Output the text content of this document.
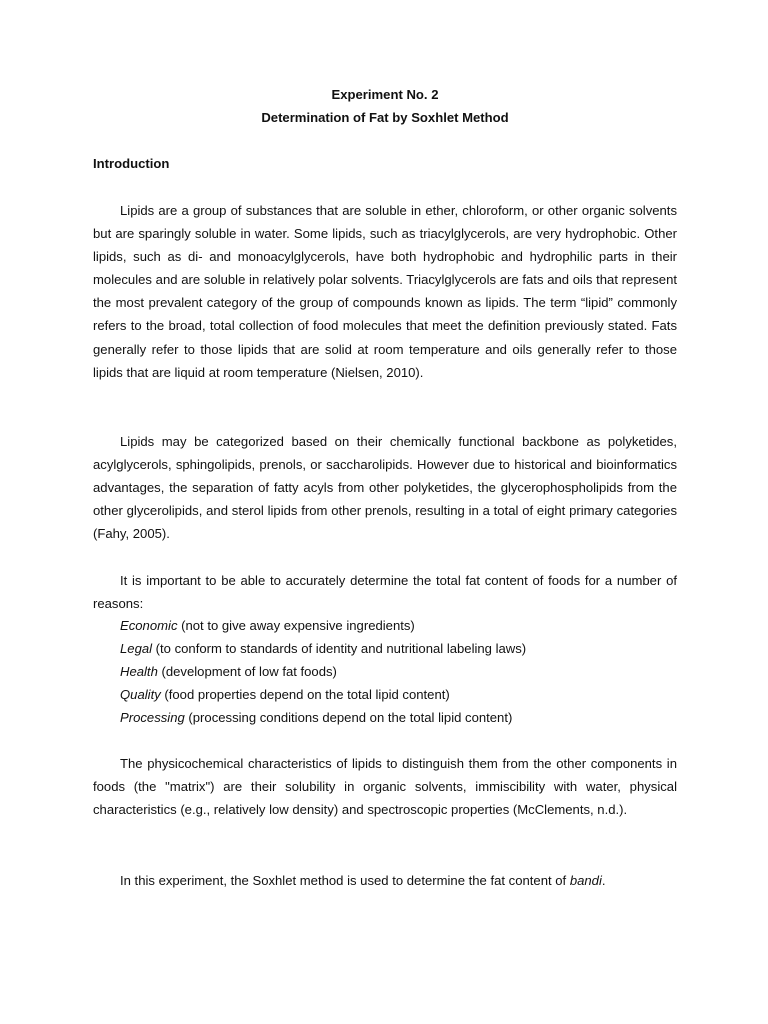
Experiment No. 2
Determination of Fat by Soxhlet Method
Introduction

Lipids are a group of substances that are soluble in ether, chloroform, or other organic solvents but are sparingly soluble in water. Some lipids, such as triacylglycerols, are very hydrophobic. Other lipids, such as di- and monoacylglycerols, have both hydrophobic and hydrophilic parts in their molecules and are soluble in relatively polar solvents. Triacylglycerols are fats and oils that represent the most prevalent category of the group of compounds known as lipids. The term “lipid” commonly refers to the broad, total collection of food molecules that meet the definition previously stated. Fats generally refer to those lipids that are solid at room temperature and oils generally refer to those lipids that are liquid at room temperature (Nielsen, 2010).

Lipids may be categorized based on their chemically functional backbone as polyketides, acylglycerols, sphingolipids, prenols, or saccharolipids. However due to historical and bioinformatics advantages, the separation of fatty acyls from other polyketides, the glycerophospholipids from the other glycerolipids, and sterol lipids from other prenols, resulting in a total of eight primary categories (Fahy, 2005).

It is important to be able to accurately determine the total fat content of foods for a number of reasons:

Economic (not to give away expensive ingredients)
Legal (to conform to standards of identity and nutritional labeling laws)
Health (development of low fat foods)
Quality (food properties depend on the total lipid content)
Processing (processing conditions depend on the total lipid content)

The physicochemical characteristics of lipids to distinguish them from the other components in foods (the "matrix") are their solubility in organic solvents, immiscibility with water, physical characteristics (e.g., relatively low density) and spectroscopic properties (McClements, n.d.).

In this experiment, the Soxhlet method is used to determine the fat content of bandi.
